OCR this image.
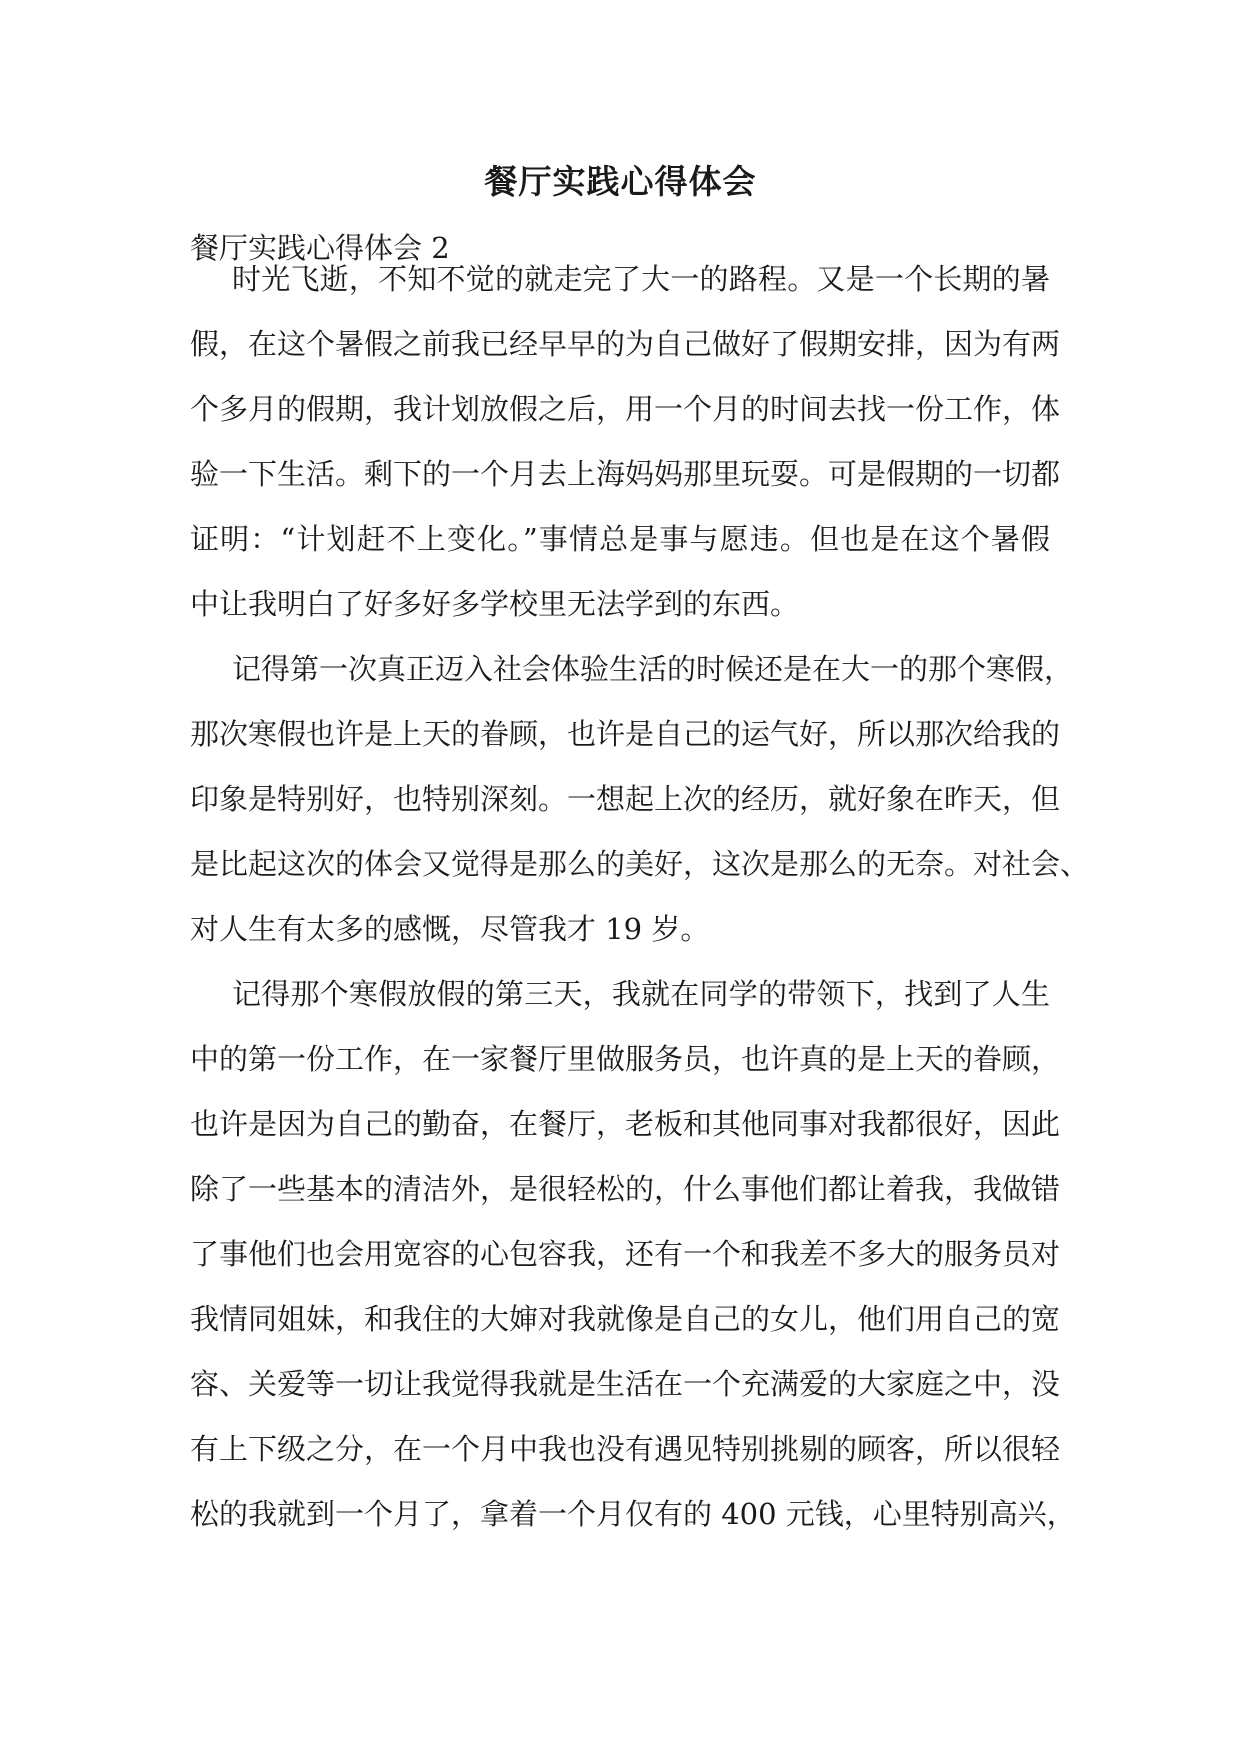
餐厅实践心得体会
餐厅实践心得体会 2
时光飞逝，不知不觉的就走完了大一的路程。又是一个长期的暑
假，在这个暑假之前我已经早早的为自己做好了假期安排，因为有两
个多月的假期，我计划放假之后，用一个月的时间去找一份工作，体
验一下生活。剩下的一个月去上海妈妈那里玩耍。可是假期的一切都
证明：“计划赶不上变化。”事情总是事与愿违。但也是在这个暑假
中让我明白了好多好多学校里无法学到的东西。
记得第一次真正迈入社会体验生活的时候还是在大一的那个寒假，
那次寒假也许是上天的眷顾，也许是自己的运气好，所以那次给我的
印象是特别好，也特别深刻。一想起上次的经历，就好象在昨天，但
是比起这次的体会又觉得是那么的美好，这次是那么的无奈。对社会、
对人生有太多的感慨，尽管我才 19 岁。
记得那个寒假放假的第三天，我就在同学的带领下，找到了人生
中的第一份工作，在一家餐厅里做服务员，也许真的是上天的眷顾，
也许是因为自己的勤奋，在餐厅，老板和其他同事对我都很好，因此
除了一些基本的清洁外，是很轻松的，什么事他们都让着我，我做错
了事他们也会用宽容的心包容我，还有一个和我差不多大的服务员对
我情同姐妹，和我住的大婶对我就像是自己的女儿，他们用自己的宽
容、关爱等一切让我觉得我就是生活在一个充满爱的大家庭之中，没
有上下级之分，在一个月中我也没有遇见特别挑剔的顾客，所以很轻
松的我就到一个月了，拿着一个月仅有的 400 元钱，心里特别高兴，
